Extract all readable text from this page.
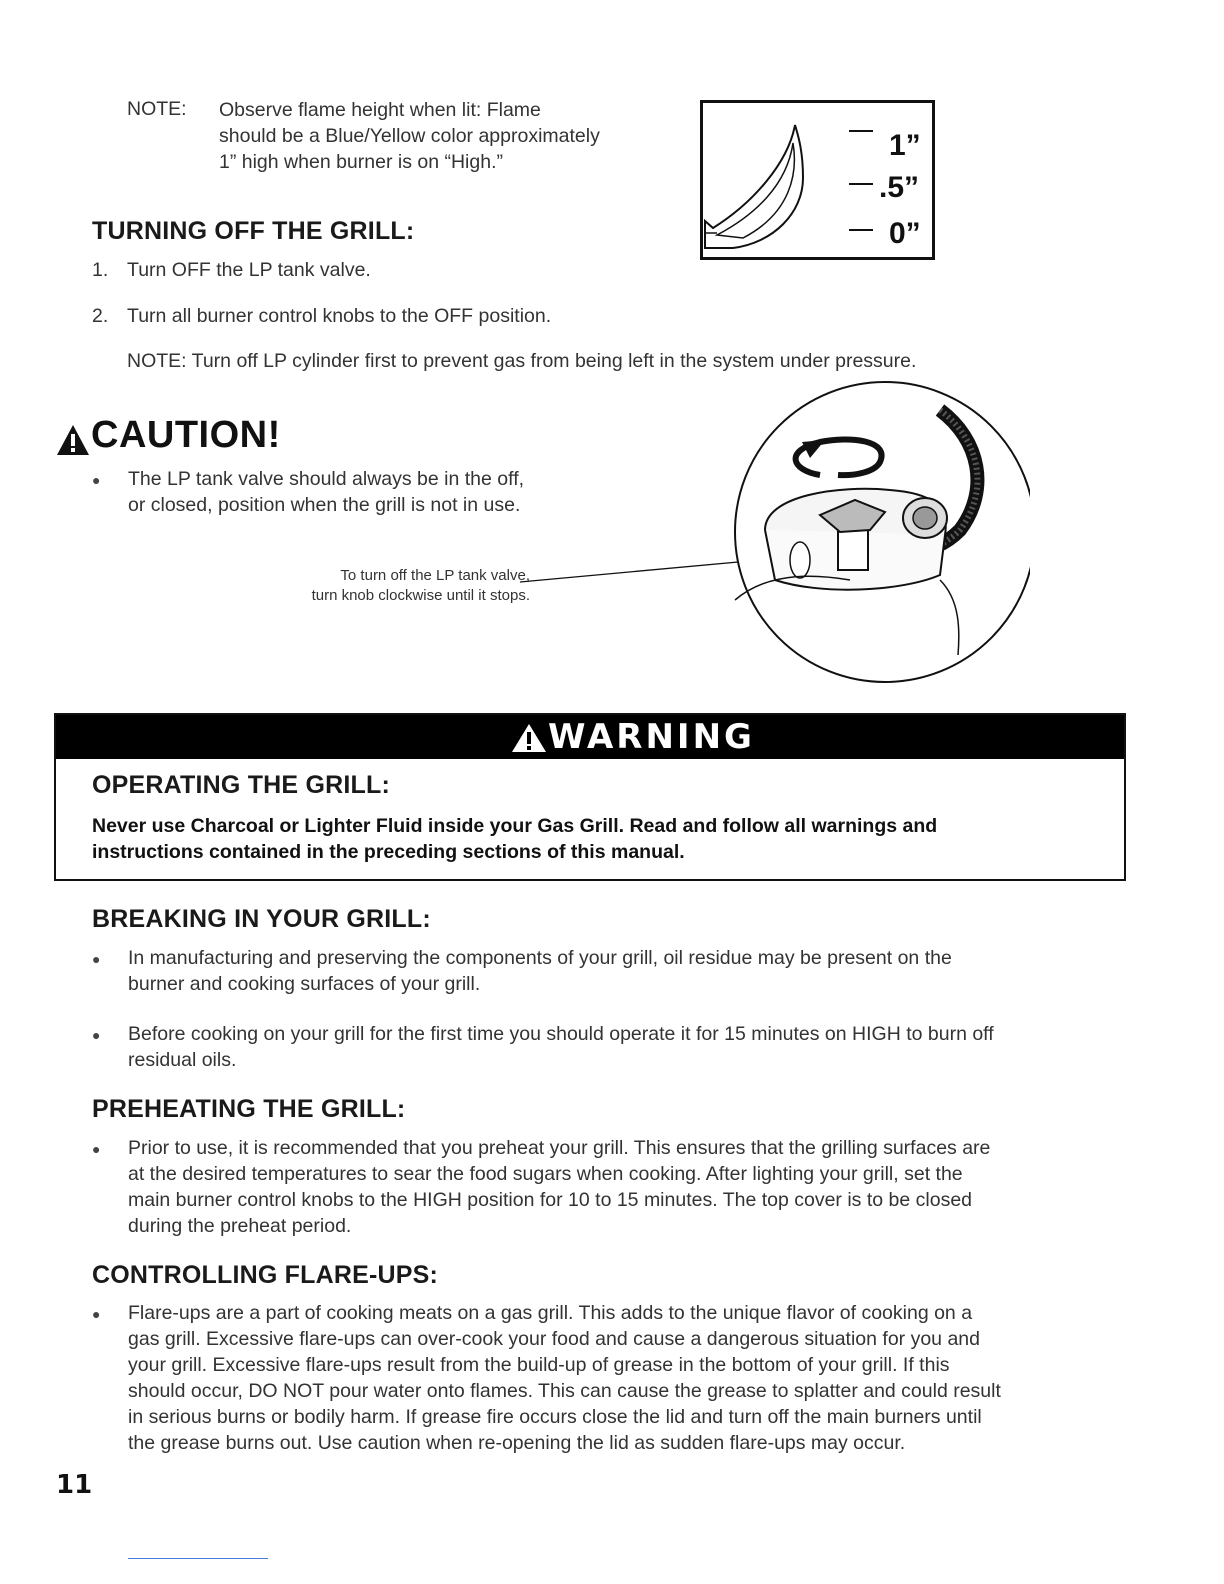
NOTE: Observe flame height when lit: Flame
should be a Blue/Yellow color approximately
1” high when burner is on “High.”	1”
.5”
0”
TURNING OFF THE GRILL:
1. Turn OFF the LP tank valve.
2. Turn all burner control knobs to the OFF position.
NOTE: Turn off LP cylinder first to prevent gas from being left in the system under pressure.
CAUTION!
● The LP tank valve should always be in the off,
or closed, position when the grill is not in use.
To turn off the LP tank valve,
turn knob clockwise until it stops.
WARNING
OPERATING THE GRILL:
Never use Charcoal or Lighter Fluid inside your Gas Grill. Read and follow all warnings and
instructions contained in the preceding sections of this manual.
BREAKING IN YOUR GRILL:
● In manufacturing and preserving the components of your grill, oil residue may be present on the
burner and cooking surfaces of your grill.
● Before cooking on your grill for the first time you should operate it for 15 minutes on HIGH to burn off
residual oils.
PREHEATING THE GRILL:
● Prior to use, it is recommended that you preheat your grill. This ensures that the grilling surfaces are
at the desired temperatures to sear the food sugars when cooking. After lighting your grill, set the
main burner control knobs to the HIGH position for 10 to 15 minutes. The top cover is to be closed
during the preheat period.
CONTROLLING FLARE-UPS:
● Flare-ups are a part of cooking meats on a gas grill. This adds to the unique flavor of cooking on a
gas grill. Excessive flare-ups can over-cook your food and cause a dangerous situation for you and
your grill. Excessive flare-ups result from the build-up of grease in the bottom of your grill. If this
should occur, DO NOT pour water onto flames. This can cause the grease to splatter and could result
in serious burns or bodily harm. If grease fire occurs close the lid and turn off the main burners until
the grease burns out. Use caution when re-opening the lid as sudden flare-ups may occur.
11
